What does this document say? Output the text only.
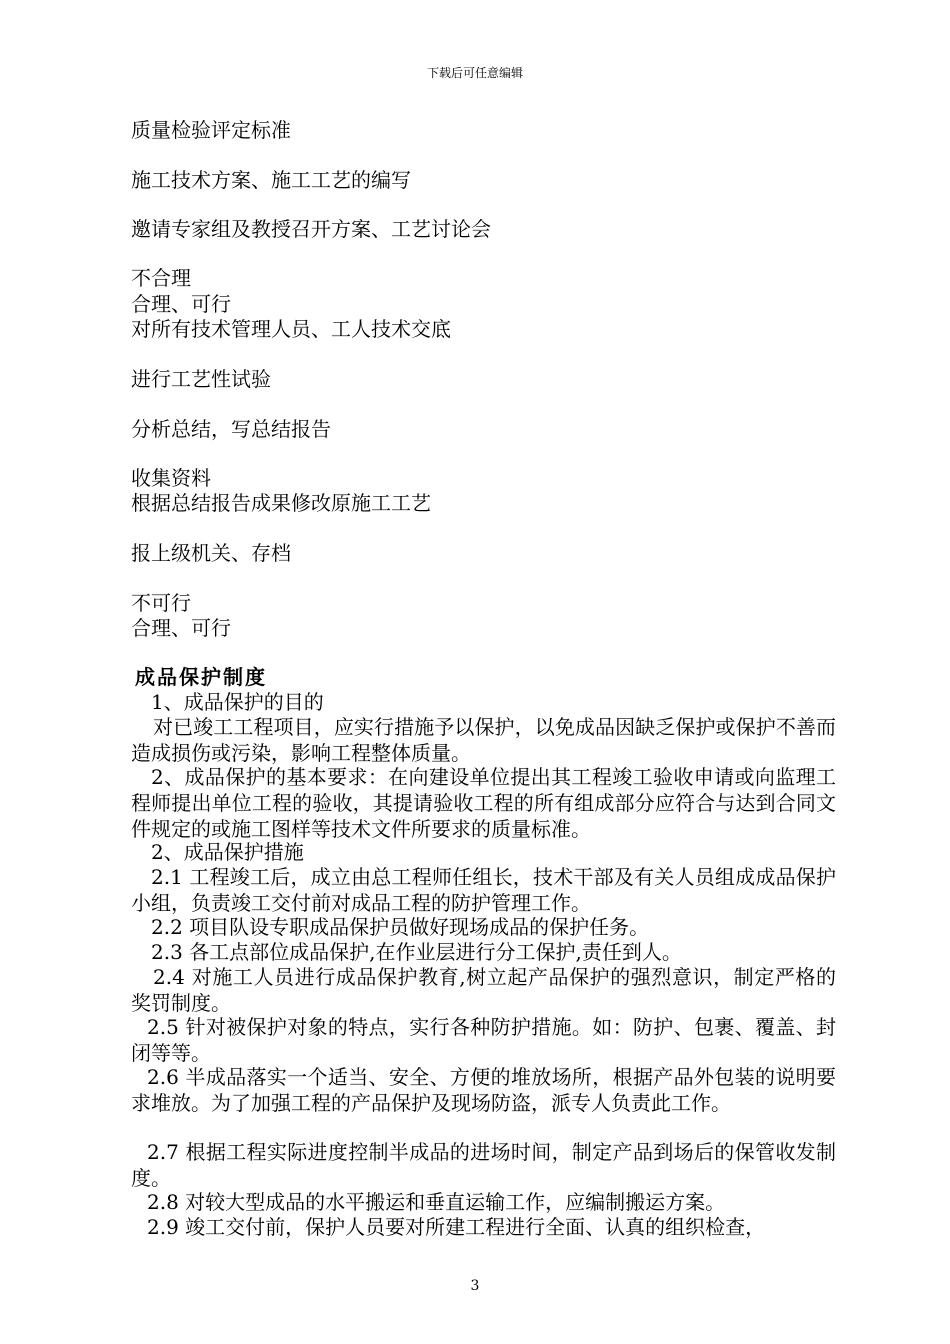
下载后可任意编辑
质量检验评定标准
施工技术方案、施工工艺的编写
邀请专家组及教授召开方案、工艺讨论会
不合理
合理、可行
对所有技术管理人员、工人技术交底
进行工艺性试验
分析总结，写总结报告
收集资料
根据总结报告成果修改原施工工艺
报上级机关、存档
不可行
合理、可行
成品保护制度
1、成品保护的目的
对已竣工工程项目，应实行措施予以保护，以免成品因缺乏保护或保护不善而造成损伤或污染，影响工程整体质量。
2、成品保护的基本要求：在向建设单位提出其工程竣工验收申请或向监理工程师提出单位工程的验收，其提请验收工程的所有组成部分应符合与达到合同文件规定的或施工图样等技术文件所要求的质量标准。
2、成品保护措施
2.1 工程竣工后，成立由总工程师任组长，技术干部及有关人员组成成品保护小组，负责竣工交付前对成品工程的防护管理工作。
2.2 项目队设专职成品保护员做好现场成品的保护任务。
2.3 各工点部位成品保护,在作业层进行分工保护,责任到人。
2.4 对施工人员进行成品保护教育,树立起产品保护的强烈意识，制定严格的奖罚制度。
2.5 针对被保护对象的特点，实行各种防护措施。如：防护、包裹、覆盖、封闭等等。
2.6 半成品落实一个适当、安全、方便的堆放场所，根据产品外包装的说明要求堆放。为了加强工程的产品保护及现场防盗，派专人负责此工作。
2.7 根据工程实际进度控制半成品的进场时间，制定产品到场后的保管收发制度。
2.8 对较大型成品的水平搬运和垂直运输工作，应编制搬运方案。
2.9 竣工交付前，保护人员要对所建工程进行全面、认真的组织检查，
3
